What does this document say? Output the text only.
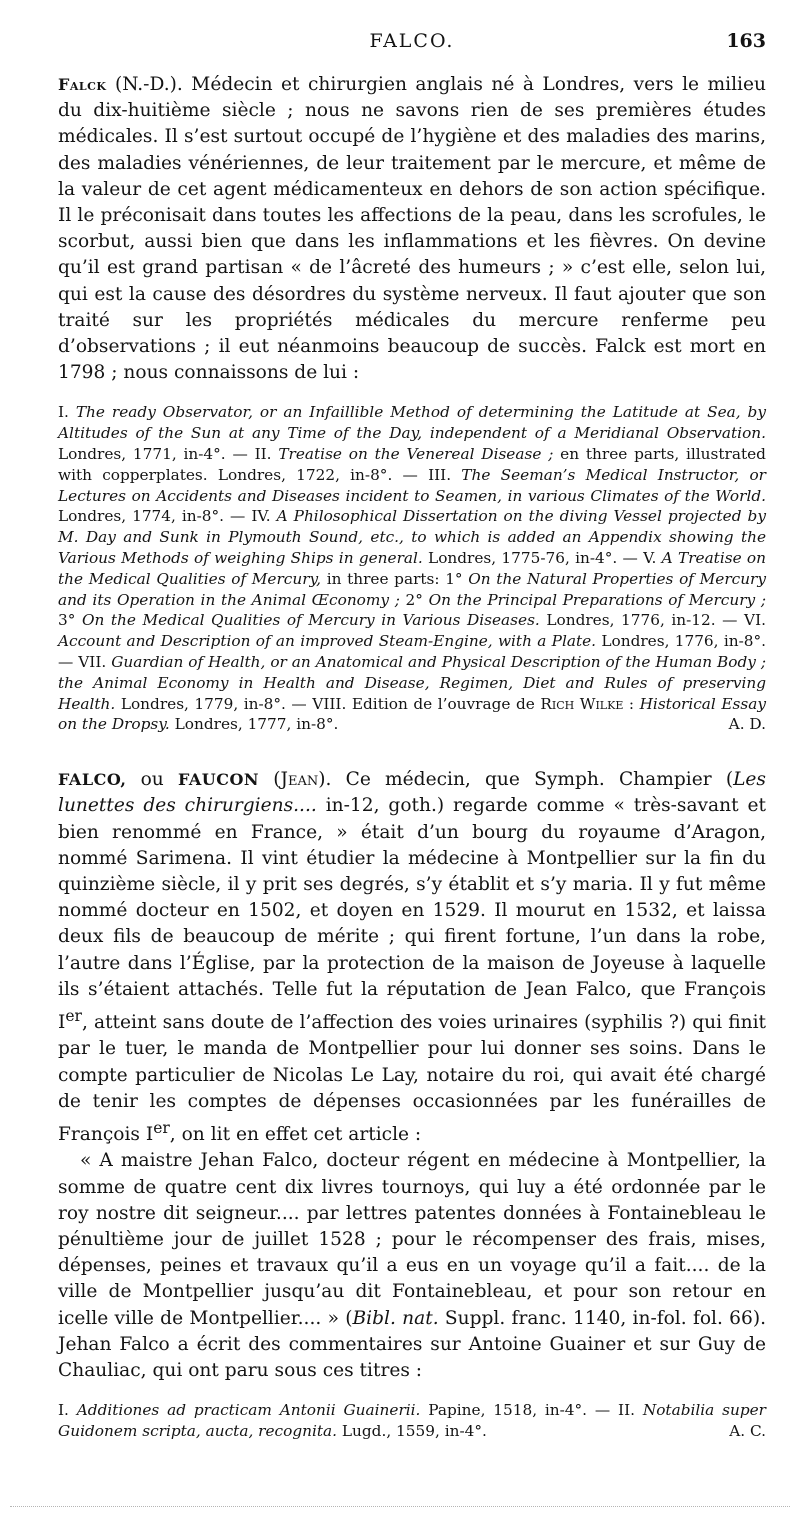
FALCO.	163

Falck (N.-D.). Médecin et chirurgien anglais né à Londres, vers le milieu du dix-huitième siècle ; nous ne savons rien de ses premières études médicales. Il s’est surtout occupé de l’hygiène et des maladies des marins, des maladies vénériennes, de leur traitement par le mercure, et même de la valeur de cet agent médicamenteux en dehors de son action spécifique. Il le préconisait dans toutes les affections de la peau, dans les scrofules, le scorbut, aussi bien que dans les inflammations et les fièvres. On devine qu’il est grand partisan « de l’âcreté des humeurs ; » c’est elle, selon lui, qui est la cause des désordres du système nerveux. Il faut ajouter que son traité sur les propriétés médicales du mercure renferme peu d’observations ; il eut néanmoins beaucoup de succès. Falck est mort en 1798 ; nous connaissons de lui :

I. The ready Observator, or an Infaillible Method of determining the Latitude at Sea, by Altitudes of the Sun at any Time of the Day, independent of a Meridianal Observation. Londres, 1771, in-4°. — II. Treatise on the Venereal Disease ; en three parts, illustrated with copperplates. Londres, 1722, in-8°. — III. The Seeman’s Medical Instructor, or Lectures on Accidents and Diseases incident to Seamen, in various Climates of the World. Londres, 1774, in-8°. — IV. A Philosophical Dissertation on the diving Vessel projected by M. Day and Sunk in Plymouth Sound, etc., to which is added an Appendix showing the Various Methods of weighing Ships in general. Londres, 1775-76, in-4°. — V. A Treatise on the Medical Qualities of Mercury, in three parts: 1° On the Natural Properties of Mercury and its Operation in the Animal Œconomy ; 2° On the Principal Preparations of Mercury ; 3° On the Medical Qualities of Mercury in Various Diseases. Londres, 1776, in-12. — VI. Account and Description of an improved Steam-Engine, with a Plate. Londres, 1776, in-8°. — VII. Guardian of Health, or an Anatomical and Physical Description of the Human Body ; the Animal Economy in Health and Disease, Regimen, Diet and Rules of preserving Health. Londres, 1779, in-8°. — VIII. Edition de l’ouvrage de Rich Wilke : Historical Essay on the Dropsy. Londres, 1777, in-8°.	A. D.

FALCO, ou FAUCON (Jean). Ce médecin, que Symph. Champier (Les lunettes des chirurgiens.... in-12, goth.) regarde comme « très-savant et bien renommé en France, » était d’un bourg du royaume d’Aragon, nommé Sarimena. Il vint étudier la médecine à Montpellier sur la fin du quinzième siècle, il y prit ses degrés, s’y établit et s’y maria. Il y fut même nommé docteur en 1502, et doyen en 1529. Il mourut en 1532, et laissa deux fils de beaucoup de mérite ; qui firent fortune, l’un dans la robe, l’autre dans l’Église, par la protection de la maison de Joyeuse à laquelle ils s’étaient attachés. Telle fut la réputation de Jean Falco, que François Ier, atteint sans doute de l’affection des voies urinaires (syphilis ?) qui finit par le tuer, le manda de Montpellier pour lui donner ses soins. Dans le compte particulier de Nicolas Le Lay, notaire du roi, qui avait été chargé de tenir les comptes de dépenses occasionnées par les funérailles de François Ier, on lit en effet cet article :

« A maistre Jehan Falco, docteur régent en médecine à Montpellier, la somme de quatre cent dix livres tournoys, qui luy a été ordonnée par le roy nostre dit seigneur.... par lettres patentes données à Fontainebleau le pénultième jour de juillet 1528 ; pour le récompenser des frais, mises, dépenses, peines et travaux qu’il a eus en un voyage qu’il a fait.... de la ville de Montpellier jusqu’au dit Fontainebleau, et pour son retour en icelle ville de Montpellier.... » (Bibl. nat. Suppl. franc. 1140, in-fol. fol. 66). Jehan Falco a écrit des commentaires sur Antoine Guainer et sur Guy de Chauliac, qui ont paru sous ces titres :

I. Additiones ad practicam Antonii Guainerii. Papine, 1518, in-4°. — II. Notabilia super Guidonem scripta, aucta, recognita. Lugd., 1559, in-4°.	A. C.
